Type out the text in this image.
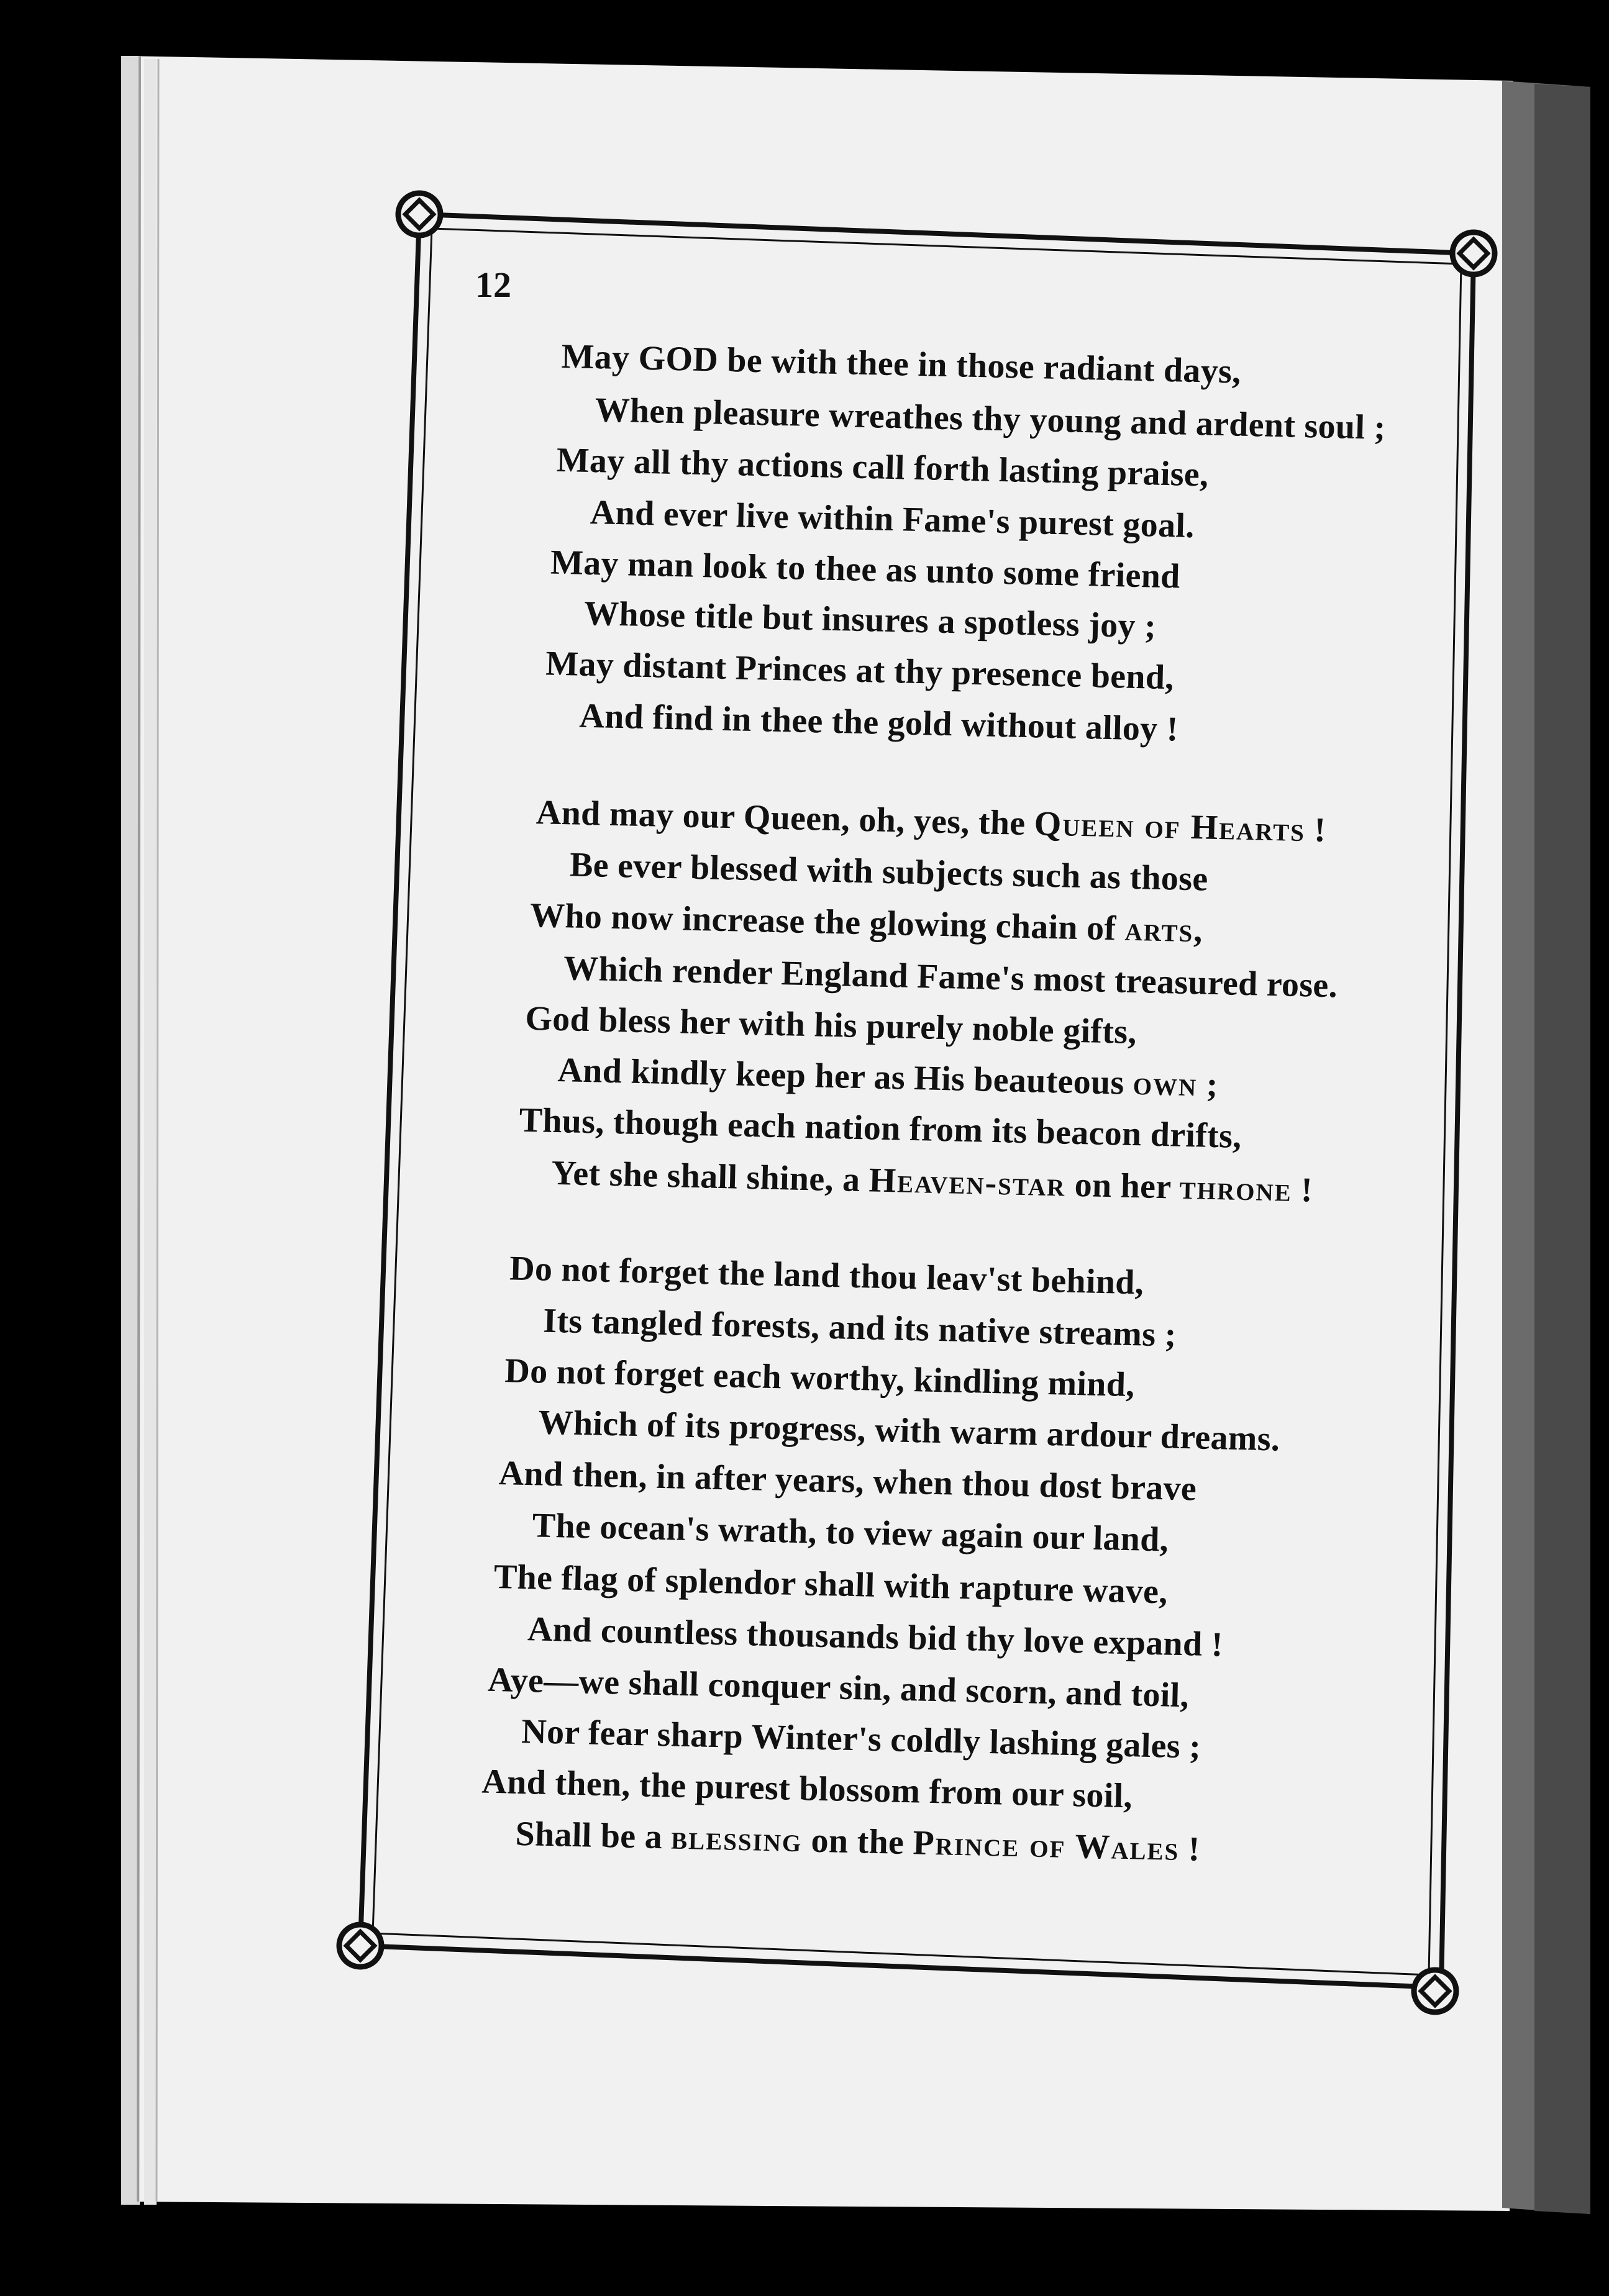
12
May GOD be with thee in those radiant days,
When pleasure wreathes thy young and ardent soul ;
May all thy actions call forth lasting praise,
And ever live within Fame's purest goal.
May man look to thee as unto some friend
Whose title but insures a spotless joy ;
May distant Princes at thy presence bend,
And find in thee the gold without alloy !
And may our Queen, oh, yes, the Queen of Hearts !
Be ever blessed with subjects such as those
Who now increase the glowing chain of arts,
Which render England Fame's most treasured rose.
God bless her with his purely noble gifts,
And kindly keep her as His beauteous own ;
Thus, though each nation from its beacon drifts,
Yet she shall shine, a Heaven-star on her throne !
Do not forget the land thou leav'st behind,
Its tangled forests, and its native streams ;
Do not forget each worthy, kindling mind,
Which of its progress, with warm ardour dreams.
And then, in after years, when thou dost brave
The ocean's wrath, to view again our land,
The flag of splendor shall with rapture wave,
And countless thousands bid thy love expand !
Aye—we shall conquer sin, and scorn, and toil,
Nor fear sharp Winter's coldly lashing gales ;
And then, the purest blossom from our soil,
Shall be a blessing on the Prince of Wales !
